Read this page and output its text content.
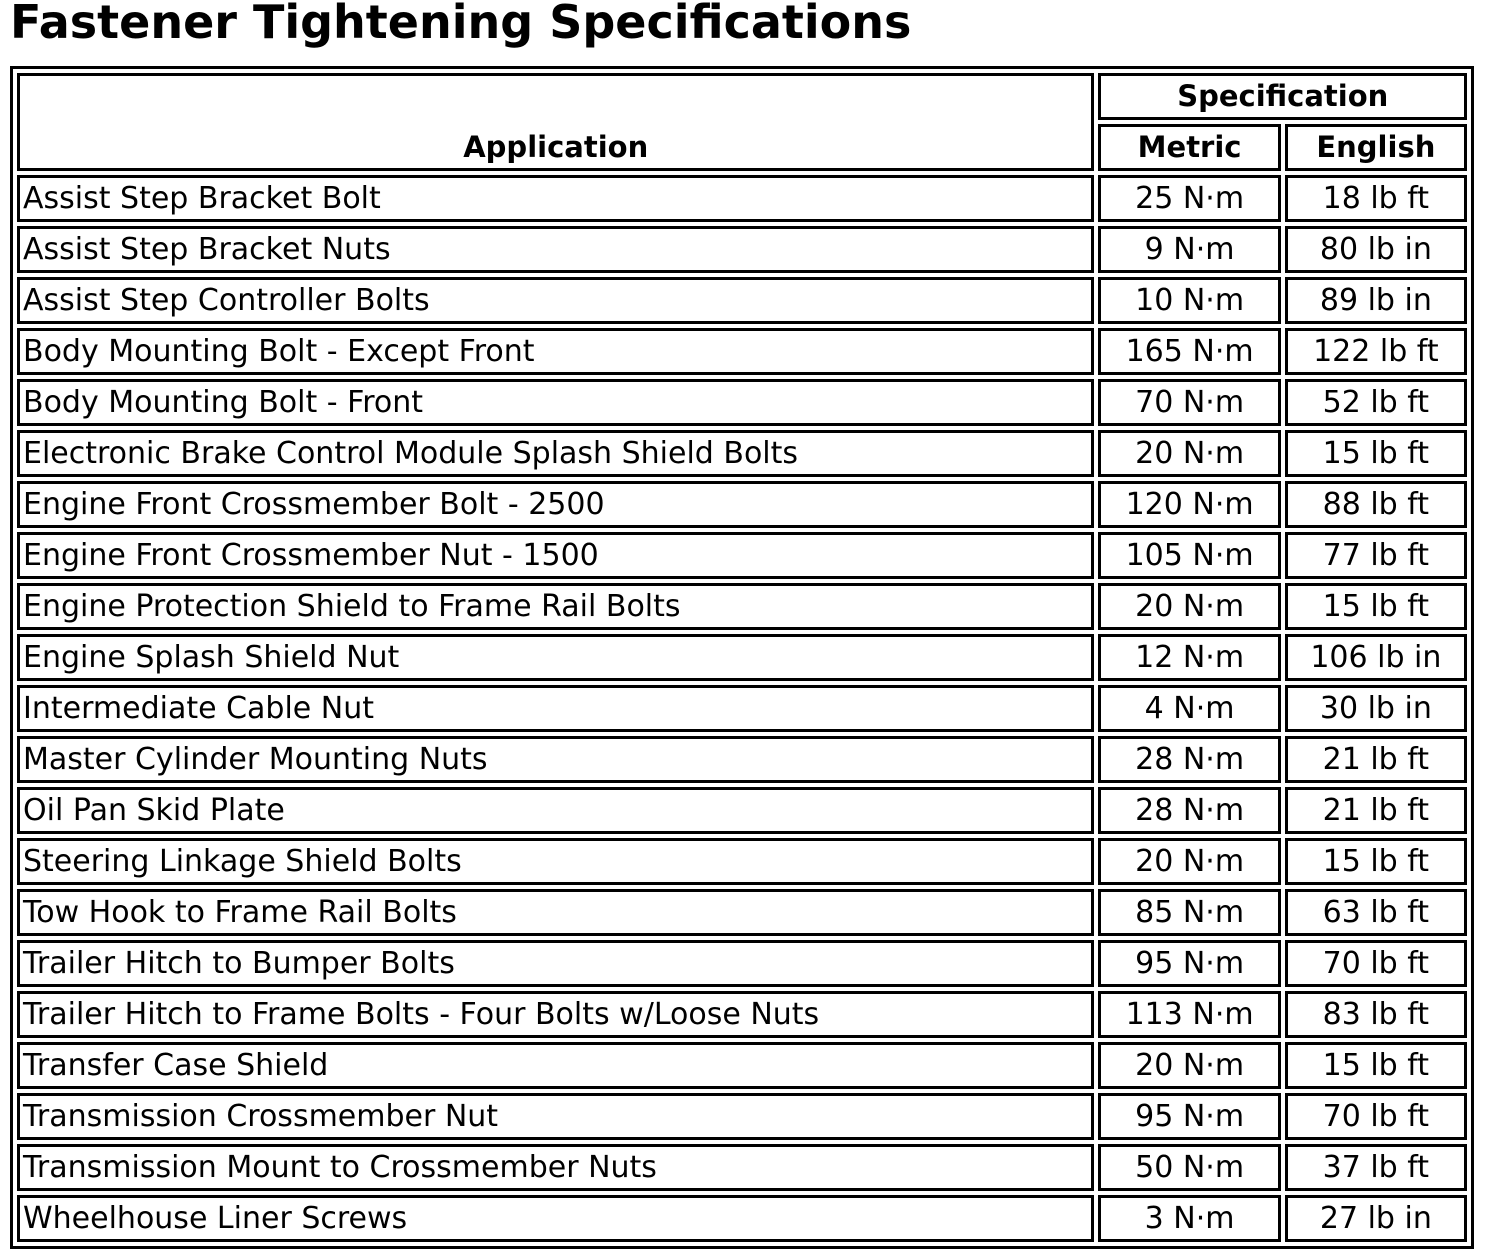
Fastener Tightening Specifications
Application	Specification	
	Metric	English
Assist Step Bracket Bolt	25 N·m	18 lb ft
Assist Step Bracket Nuts	9 N·m	80 lb in
Assist Step Controller Bolts	10 N·m	89 lb in
Body Mounting Bolt - Except Front	165 N·m	122 lb ft
Body Mounting Bolt - Front	70 N·m	52 lb ft
Electronic Brake Control Module Splash Shield Bolts	20 N·m	15 lb ft
Engine Front Crossmember Bolt - 2500	120 N·m	88 lb ft
Engine Front Crossmember Nut - 1500	105 N·m	77 lb ft
Engine Protection Shield to Frame Rail Bolts	20 N·m	15 lb ft
Engine Splash Shield Nut	12 N·m	106 lb in
Intermediate Cable Nut	4 N·m	30 lb in
Master Cylinder Mounting Nuts	28 N·m	21 lb ft
Oil Pan Skid Plate	28 N·m	21 lb ft
Steering Linkage Shield Bolts	20 N·m	15 lb ft
Tow Hook to Frame Rail Bolts	85 N·m	63 lb ft
Trailer Hitch to Bumper Bolts	95 N·m	70 lb ft
Trailer Hitch to Frame Bolts - Four Bolts w/Loose Nuts	113 N·m	83 lb ft
Transfer Case Shield	20 N·m	15 lb ft
Transmission Crossmember Nut	95 N·m	70 lb ft
Transmission Mount to Crossmember Nuts	50 N·m	37 lb ft
Wheelhouse Liner Screws	3 N·m	27 lb in
